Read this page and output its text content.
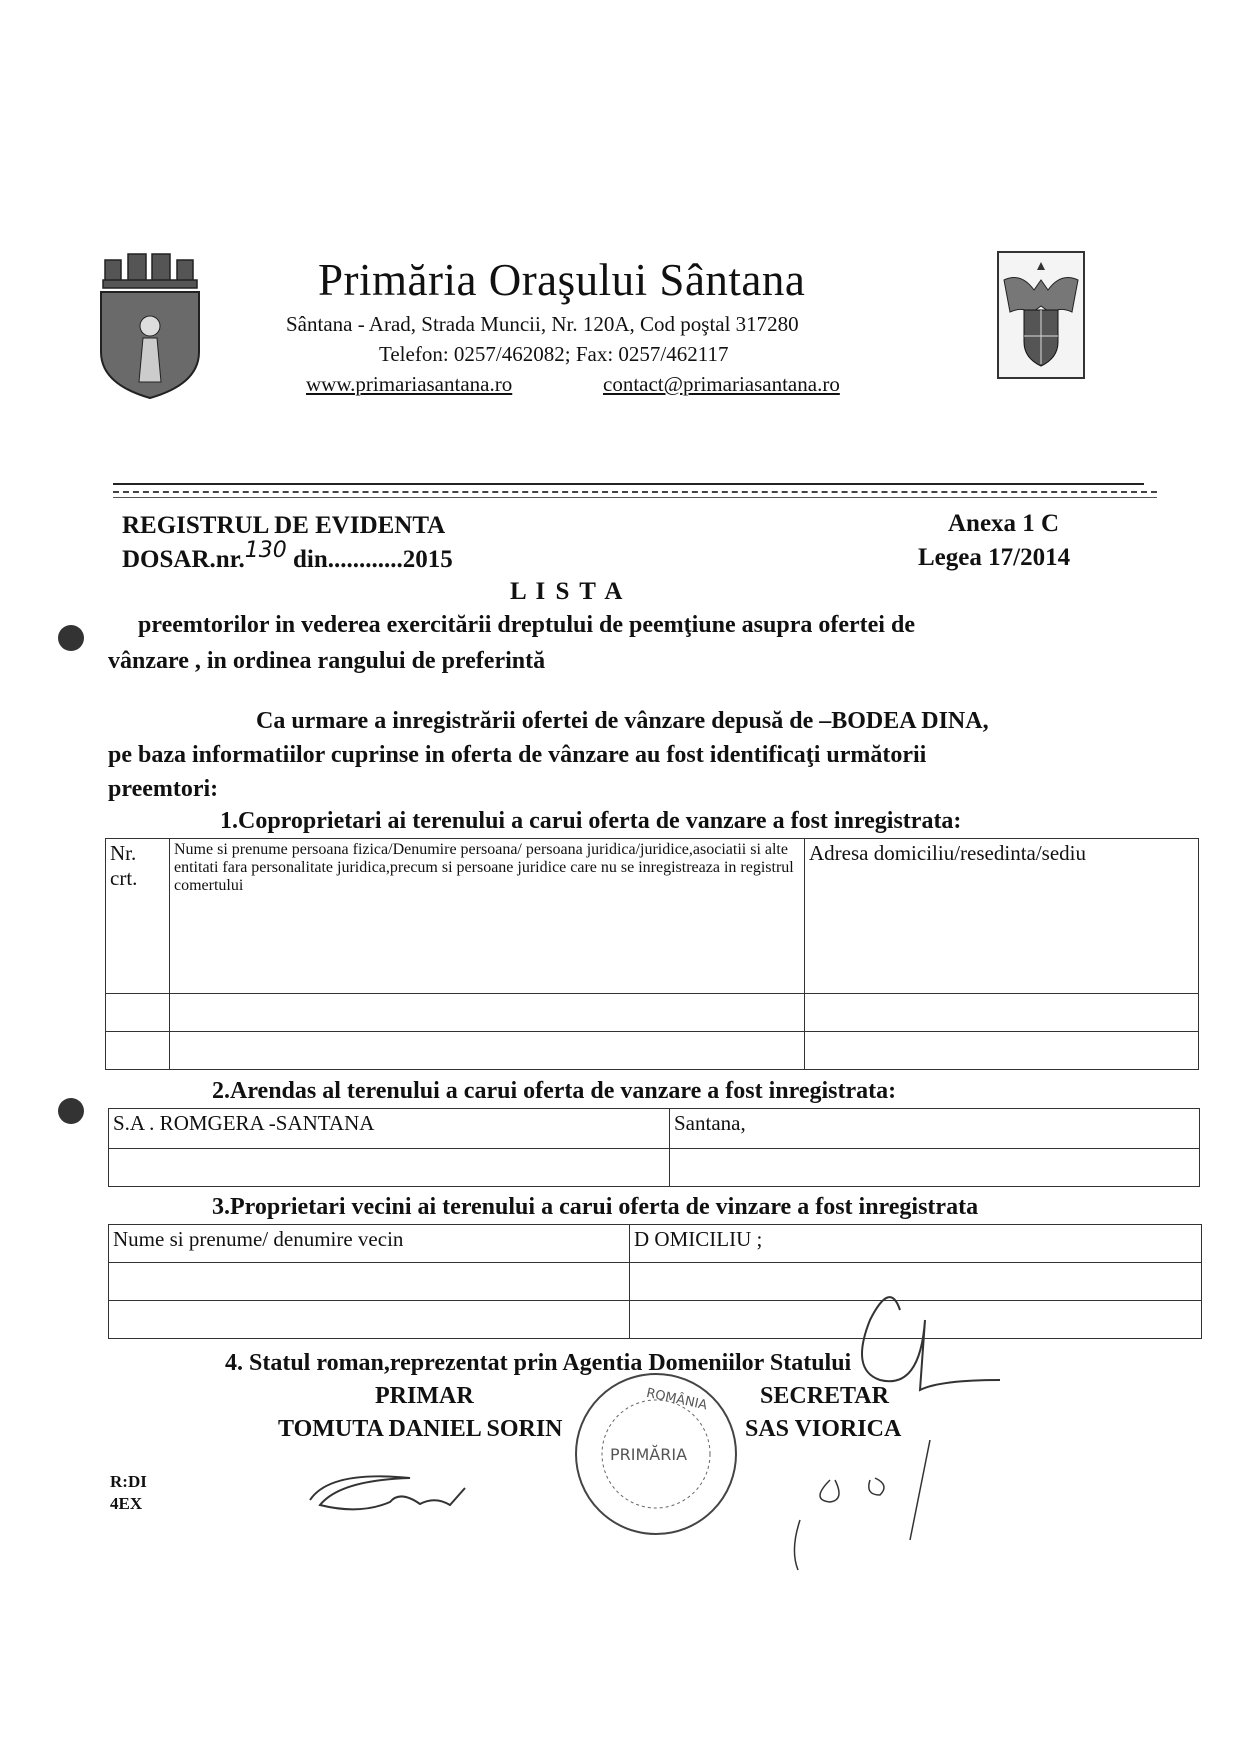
Primăria Oraşului Sântana
Sântana - Arad, Strada Muncii, Nr. 120A, Cod poştal 317280
Telefon: 0257/462082; Fax: 0257/462117
www.primariasantana.ro	contact@primariasantana.ro
REGISTRUL DE EVIDENTA
DOSAR.nr.130 din............2015
Anexa 1 C
Legea 17/2014
L I S T A
preemtorilor in vederea exercitării dreptului de peemţiune asupra ofertei de
vânzare , in ordinea rangului de preferintă
Ca urmare a inregistrării ofertei de vânzare depusă de –BODEA DINA,
pe baza informatiilor cuprinse in oferta de vânzare au fost identificaţi următorii
preemtori:
1.Coproprietari ai terenului a carui oferta de vanzare a fost inregistrata:
Nr. crt.	Nume si prenume persoana fizica/Denumire persoana/ persoana juridica/juridice,asociatii si alte entitati fara personalitate juridica,precum si persoane juridice care nu se inregistreaza in registrul comertului	Adresa domiciliu/resedinta/sediu

2.Arendas al terenului a carui oferta de vanzare a fost inregistrata:
S.A . ROMGERA -SANTANA	Santana,

3.Proprietari vecini ai terenului a carui oferta de vinzare a fost inregistrata
Nume si prenume/ denumire vecin	D OMICILIU ;

4. Statul roman,reprezentat prin Agentia Domeniilor Statului
PRIMAR
TOMUTA DANIEL SORIN
SECRETAR
SAS VIORICA
R:DI
4EX
ROMÂNIA
PRIMĂRIA
